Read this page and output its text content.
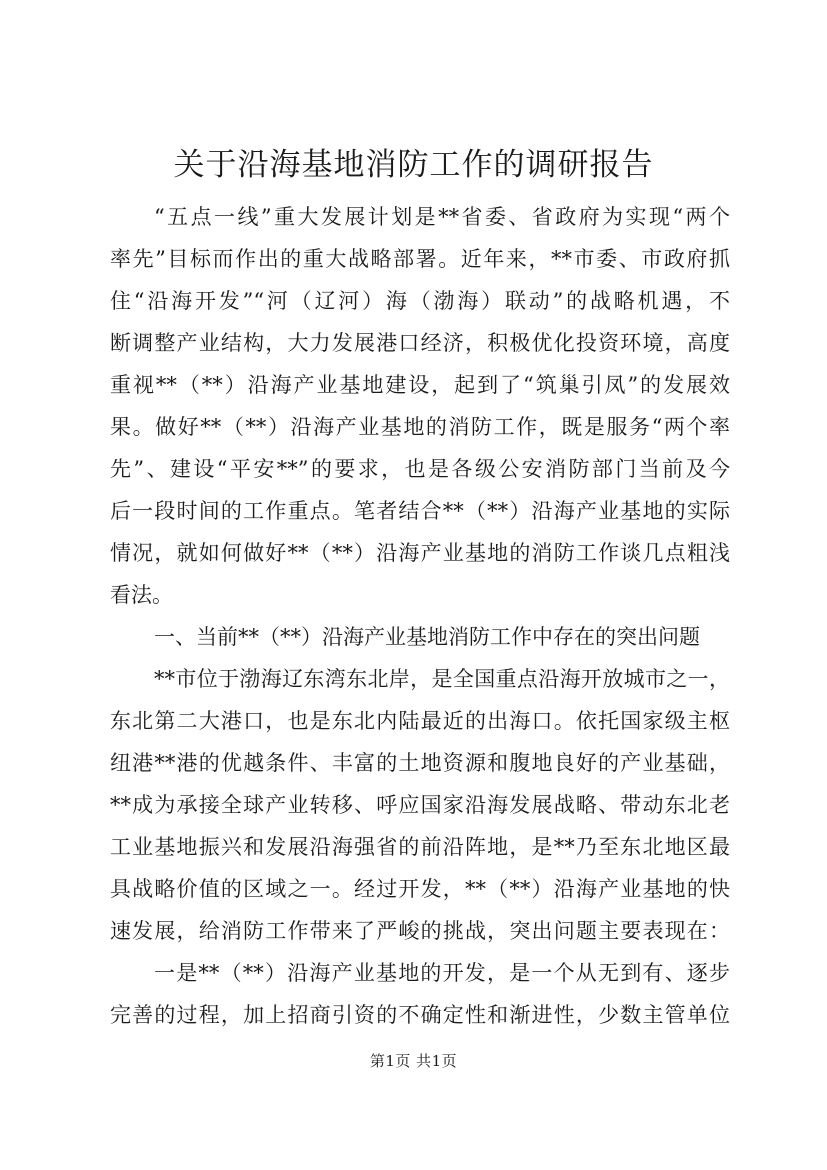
关于沿海基地消防工作的调研报告
“五点一线”重大发展计划是**省委、省政府为实现“两个
率先”目标而作出的重大战略部署。近年来，**市委、市政府抓
住“沿海开发”“河（辽河）海（渤海）联动”的战略机遇，不
断调整产业结构，大力发展港口经济，积极优化投资环境，高度
重视**（**）沿海产业基地建设，起到了“筑巢引凤”的发展效
果。做好**（**）沿海产业基地的消防工作，既是服务“两个率
先”、建设“平安**”的要求，也是各级公安消防部门当前及今
后一段时间的工作重点。笔者结合**（**）沿海产业基地的实际
情况，就如何做好**（**）沿海产业基地的消防工作谈几点粗浅
看法。
一、当前**（**）沿海产业基地消防工作中存在的突出问题
**市位于渤海辽东湾东北岸，是全国重点沿海开放城市之一，
东北第二大港口，也是东北内陆最近的出海口。依托国家级主枢
纽港**港的优越条件、丰富的土地资源和腹地良好的产业基础，
**成为承接全球产业转移、呼应国家沿海发展战略、带动东北老
工业基地振兴和发展沿海强省的前沿阵地，是**乃至东北地区最
具战略价值的区域之一。经过开发，**（**）沿海产业基地的快
速发展，给消防工作带来了严峻的挑战，突出问题主要表现在：
一是**（**）沿海产业基地的开发，是一个从无到有、逐步
完善的过程，加上招商引资的不确定性和渐进性，少数主管单位
第1页 共1页
